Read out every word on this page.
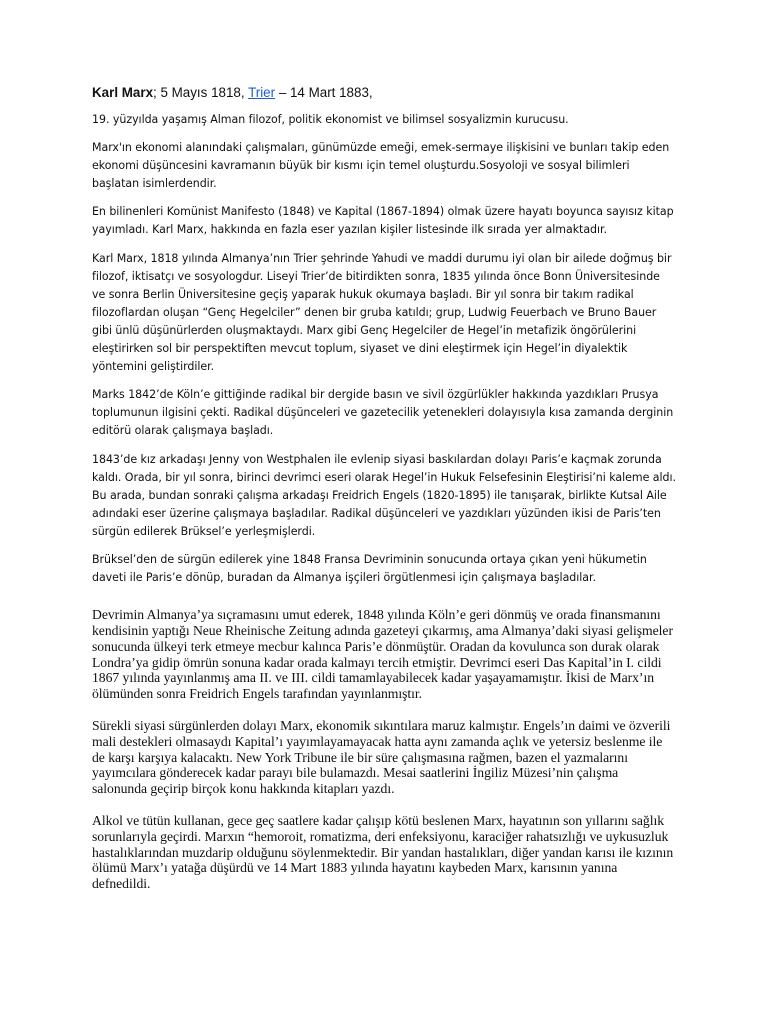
Karl Marx; 5 Mayıs 1818, Trier – 14 Mart 1883,

19. yüzyılda yaşamış Alman filozof, politik ekonomist ve bilimsel sosyalizmin kurucusu.

Marx'ın ekonomi alanındaki çalışmaları, günümüzde emeği, emek-sermaye ilişkisini ve bunları takip eden ekonomi düşüncesini kavramanın büyük bir kısmı için temel oluşturdu.Sosyoloji ve sosyal bilimleri başlatan isimlerdendir.

En bilinenleri Komünist Manifesto (1848) ve Kapital (1867-1894) olmak üzere hayatı boyunca sayısız kitap yayımladı. Karl Marx, hakkında en fazla eser yazılan kişiler listesinde ilk sırada yer almaktadır.

Karl Marx, 1818 yılında Almanya’nın Trier şehrinde Yahudi ve maddi durumu iyi olan bir ailede doğmuş bir filozof, iktisatçı ve sosyologdur. Liseyi Trier’de bitirdikten sonra, 1835 yılında önce Bonn Üniversitesinde ve sonra Berlin Üniversitesine geçiş yaparak hukuk okumaya başladı. Bir yıl sonra bir takım radikal filozoflardan oluşan “Genç Hegelciler” denen bir gruba katıldı; grup, Ludwig Feuerbach ve Bruno Bauer gibi ünlü düşünürlerden oluşmaktaydı. Marx gibi Genç Hegelciler de Hegel’in metafizik öngörülerini eleştirirken sol bir perspektiften mevcut toplum, siyaset ve dini eleştirmek için Hegel’in diyalektik yöntemini geliştirdiler.

Marks 1842’de Köln’e gittiğinde radikal bir dergide basın ve sivil özgürlükler hakkında yazdıkları Prusya toplumunun ilgisini çekti. Radikal düşünceleri ve gazetecilik yetenekleri dolayısıyla kısa zamanda derginin editörü olarak çalışmaya başladı.

1843’de kız arkadaşı Jenny von Westphalen ile evlenip siyasi baskılardan dolayı Paris’e kaçmak zorunda kaldı. Orada, bir yıl sonra, birinci devrimci eseri olarak Hegel’in Hukuk Felsefesinin Eleştirisi’ni kaleme aldı. Bu arada, bundan sonraki çalışma arkadaşı Freidrich Engels (1820-1895) ile tanışarak, birlikte Kutsal Aile adındaki eser üzerine çalışmaya başladılar. Radikal düşünceleri ve yazdıkları yüzünden ikisi de Paris’ten sürgün edilerek Brüksel’e yerleşmişlerdi.

Brüksel’den de sürgün edilerek yine 1848 Fransa Devriminin sonucunda ortaya çıkan yeni hükumetin daveti ile Paris’e dönüp, buradan da Almanya işçileri örgütlenmesi için çalışmaya başladılar.

Devrimin Almanya’ya sıçramasını umut ederek, 1848 yılında Köln’e geri dönmüş ve orada finansmanını kendisinin yaptığı Neue Rheinische Zeitung adında gazeteyi çıkarmış, ama Almanya’daki siyasi gelişmeler sonucunda ülkeyi terk etmeye mecbur kalınca Paris’e dönmüştür. Oradan da kovulunca son durak olarak Londra’ya gidip ömrün sonuna kadar orada kalmayı tercih etmiştir. Devrimci eseri Das Kapital’in I. cildi 1867 yılında yayınlanmış ama II. ve III. cildi tamamlayabilecek kadar yaşayamamıştır. İkisi de Marx’ın ölümünden sonra Freidrich Engels tarafından yayınlanmıştır.

Sürekli siyasi sürgünlerden dolayı Marx, ekonomik sıkıntılara maruz kalmıştır. Engels’ın daimi ve özverili mali destekleri olmasaydı Kapital’ı yayımlayamayacak hatta aynı zamanda açlık ve yetersiz beslenme ile de karşı karşıya kalacaktı. New York Tribune ile bir süre çalışmasına rağmen, bazen el yazmalarını yayımcılara gönderecek kadar parayı bile bulamazdı. Mesai saatlerini İngiliz Müzesi’nin çalışma salonunda geçirip birçok konu hakkında kitapları yazdı.

Alkol ve tütün kullanan, gece geç saatlere kadar çalışıp kötü beslenen Marx, hayatının son yıllarını sağlık sorunlarıyla geçirdi. Marxın “hemoroit, romatizma, deri enfeksiyonu, karaciğer rahatsızlığı ve uykusuzluk hastalıklarından muzdarip olduğunu söylenmektedir. Bir yandan hastalıkları, diğer yandan karısı ile kızının ölümü Marx’ı yatağa düşürdü ve 14 Mart 1883 yılında hayatını kaybeden Marx, karısının yanına defnedildi.
